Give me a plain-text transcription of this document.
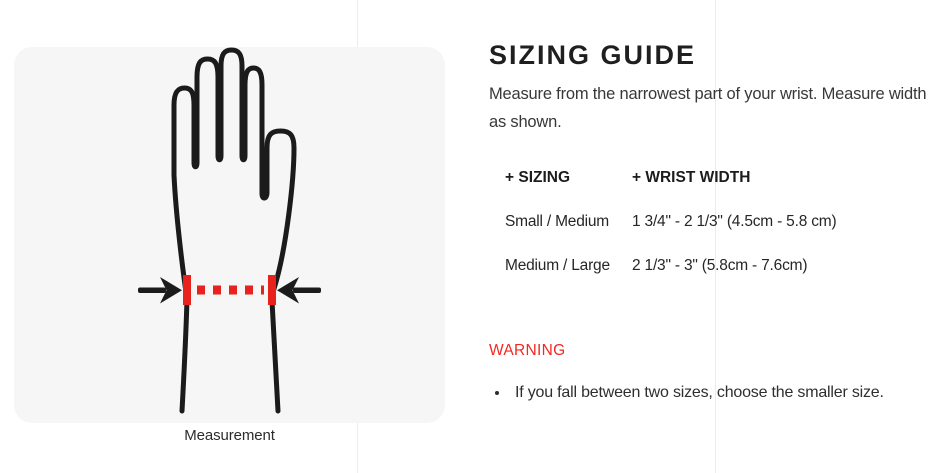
Measurement
SIZING GUIDE
Measure from the narrowest part of your wrist. Measure width as shown.
+ SIZING	+ WRIST WIDTH
Small / Medium	1 3/4" - 2 1/3" (4.5cm - 5.8 cm)
Medium / Large	2 1/3" - 3" (5.8cm - 7.6cm)
WARNING
• If you fall between two sizes, choose the smaller size.
